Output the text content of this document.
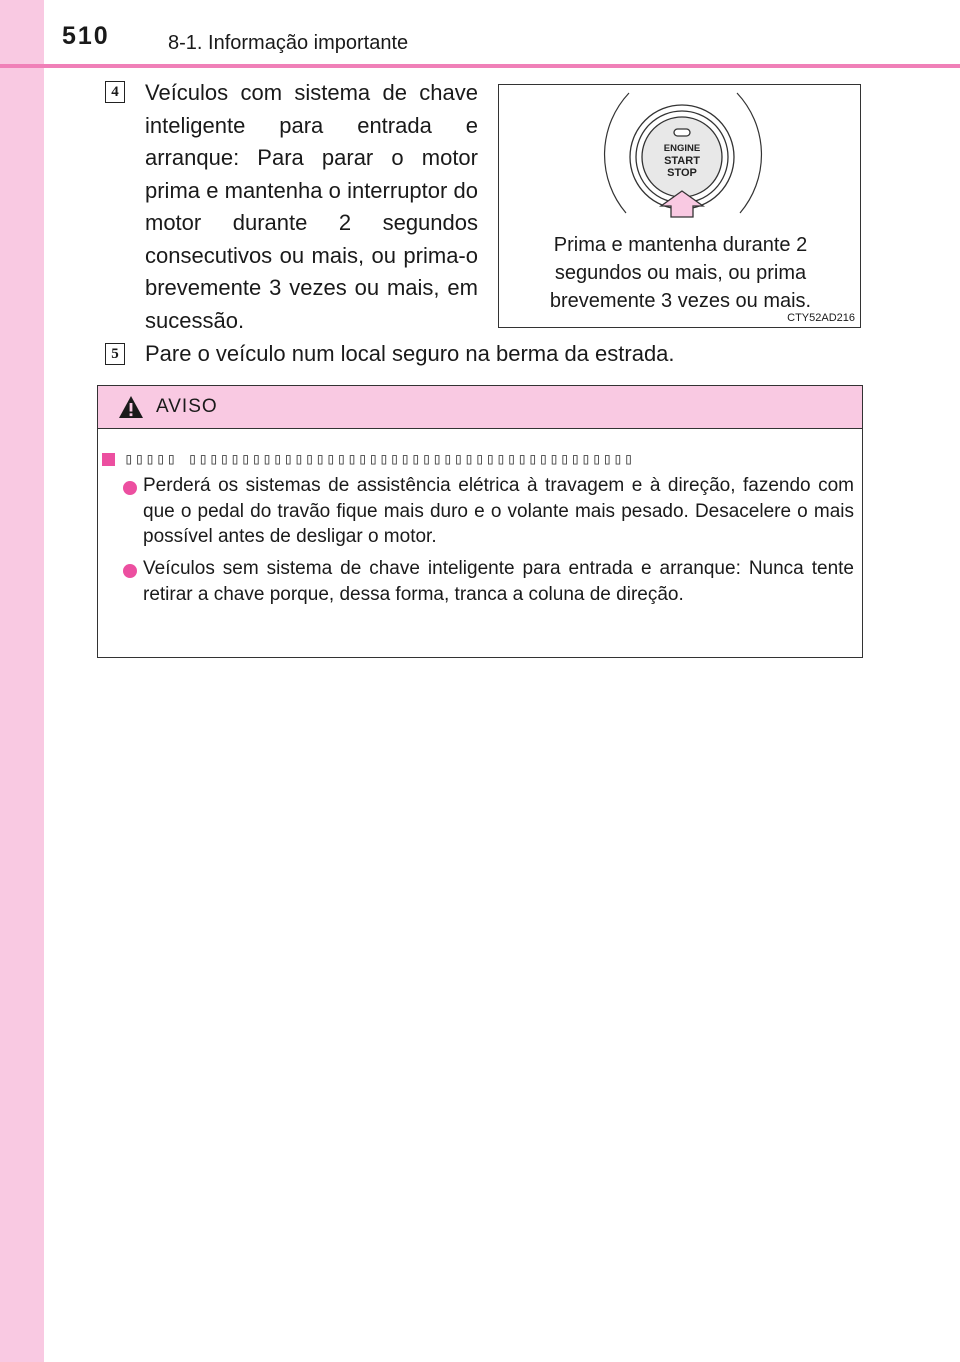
510	8-1. Informação importante
4 Veículos com sistema de chave inteligente para entrada e arranque: Para parar o motor prima e mantenha o interruptor do motor durante 2 segundos consecutivos ou mais, ou prima-o brevemente 3 vezes ou mais, em sucessão.
ENGINE
START
STOP
Prima e mantenha durante 2
segundos ou mais, ou prima
brevemente 3 vezes ou mais.
CTY52AD216
5 Pare o veículo num local seguro na berma da estrada.
AVISO
▯▯▯▯▯ ▯▯▯▯▯▯▯▯▯▯▯▯▯▯▯▯▯▯▯▯▯▯▯▯▯▯▯▯▯▯▯▯▯▯▯▯▯▯▯▯▯▯
Perderá os sistemas de assistência elétrica à travagem e à direção, fazendo com que o pedal do travão fique mais duro e o volante mais pesado. Desacelere o mais possível antes de desligar o motor.
Veículos sem sistema de chave inteligente para entrada e arranque: Nunca tente retirar a chave porque, dessa forma, tranca a coluna de direção.
